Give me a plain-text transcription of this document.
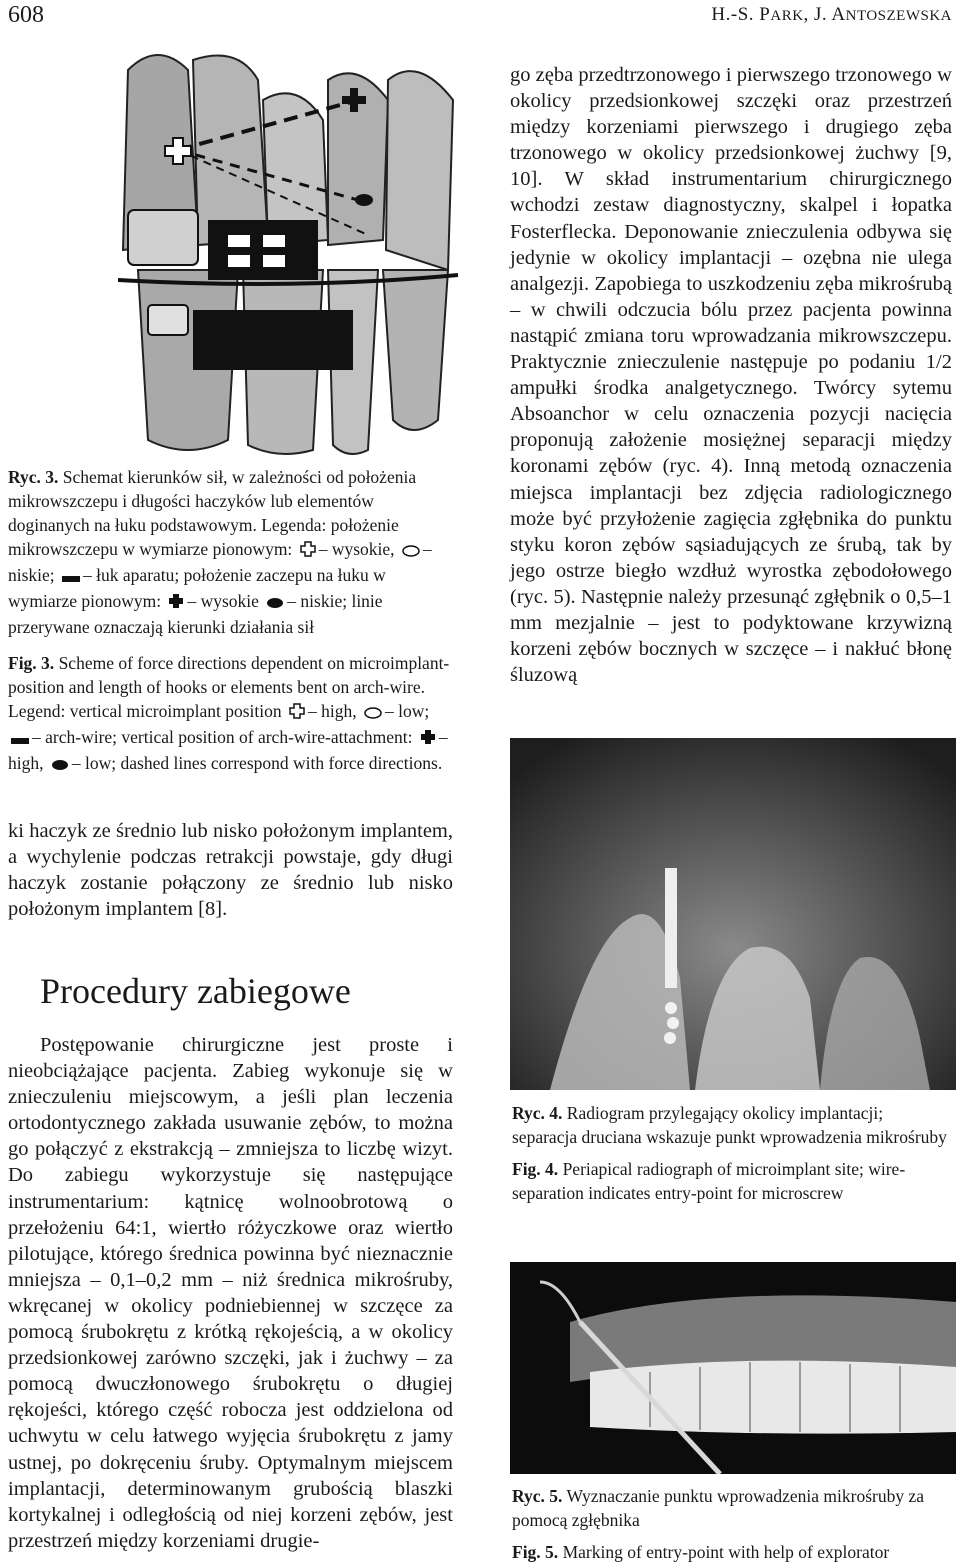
608	H.-S. PARK, J. ANTOSZEWSKA
Ryc. 3. Schemat kierunków sił, w zależności od położenia mikrowszczepu i długości haczyków lub elementów doginanych na łuku podstawowym. Legenda: położenie mikrowszczepu w wymiarze pionowym: – wysokie, – niskie; – łuk aparatu; położenie zaczepu na łuku w wymiarze pionowym: – wysokie – niskie; linie przerywane oznaczają kierunki działania sił
Fig. 3. Scheme of force directions dependent on microimplant-position and length of hooks or elements bent on arch-wire. Legend: vertical microimplant position – high, – low; – arch-wire; vertical position of arch-wire-attachment: – high, – low; dashed lines correspond with force directions.

ki haczyk ze średnio lub nisko położonym implantem, a wychylenie podczas retrakcji powstaje, gdy długi haczyk zostanie połączony ze średnio lub nisko położonym implantem [8].

Procedury zabiegowe

Postępowanie chirurgiczne jest proste i nieobciążające pacjenta. Zabieg wykonuje się w znieczuleniu miejscowym, a jeśli plan leczenia ortodontycznego zakłada usuwanie zębów, to można go połączyć z ekstrakcją – zmniejsza to liczbę wizyt. Do zabiegu wykorzystuje się następujące instrumentarium: kątnicę wolnoobrotową o przełożeniu 64:1, wiertło różyczkowe oraz wiertło pilotujące, którego średnica powinna być nieznacznie mniejsza – 0,1–0,2 mm – niż średnica mikrośruby, wkręcanej w okolicy podniebiennej w szczęce za pomocą śrubokrętu z krótką rękojeścią, a w okolicy przedsionkowej zarówno szczęki, jak i żuchwy – za pomocą dwuczłonowego śrubokrętu o długiej rękojeści, którego część robocza jest oddzielona od uchwytu w celu łatwego wyjęcia śrubokrętu z jamy ustnej, po dokręceniu śruby. Optymalnym miejscem implantacji, determinowanym grubością blaszki kortykalnej i odległością od niej korzeni zębów, jest przestrzeń między korzeniami drugie-

go zęba przedtrzonowego i pierwszego trzonowego w okolicy przedsionkowej szczęki oraz przestrzeń między korzeniami pierwszego i drugiego zęba trzonowego w okolicy przedsionkowej żuchwy [9, 10]. W skład instrumentarium chirurgicznego wchodzi zestaw diagnostyczny, skalpel i łopatka Fosterflecka. Deponowanie znieczulenia odbywa się jedynie w okolicy implantacji – ozębna nie ulega analgezji. Zapobiega to uszkodzeniu zęba mikrośrubą – w chwili odczucia bólu przez pacjenta powinna nastąpić zmiana toru wprowadzania mikrowszczepu. Praktycznie znieczulenie następuje po podaniu 1/2 ampułki środka analgetycznego. Twórcy sytemu Absoanchor w celu oznaczenia pozycji nacięcia proponują założenie mosiężnej separacji między koronami zębów (ryc. 4). Inną metodą oznaczenia miejsca implantacji bez zdjęcia radiologicznego może być przyłożenie zagięcia zgłębnika do punktu styku koron zębów sąsiadujących ze śrubą, tak by jego ostrze biegło wzdłuż wyrostka zębodołowego (ryc. 5). Następnie należy przesunąć zgłębnik o 0,5–1 mm mezjalnie – jest to podyktowane krzywizną korzeni zębów bocznych w szczęce – i nakłuć błonę śluzową

Ryc. 4. Radiogram przylegający okolicy implantacji; separacja druciana wskazuje punkt wprowadzenia mikrośruby
Fig. 4. Periapical radiograph of microimplant site; wire-separation indicates entry-point for microscrew
Ryc. 5. Wyznaczanie punktu wprowadzenia mikrośruby za pomocą zgłębnika
Fig. 5. Marking of entry-point with help of explorator
